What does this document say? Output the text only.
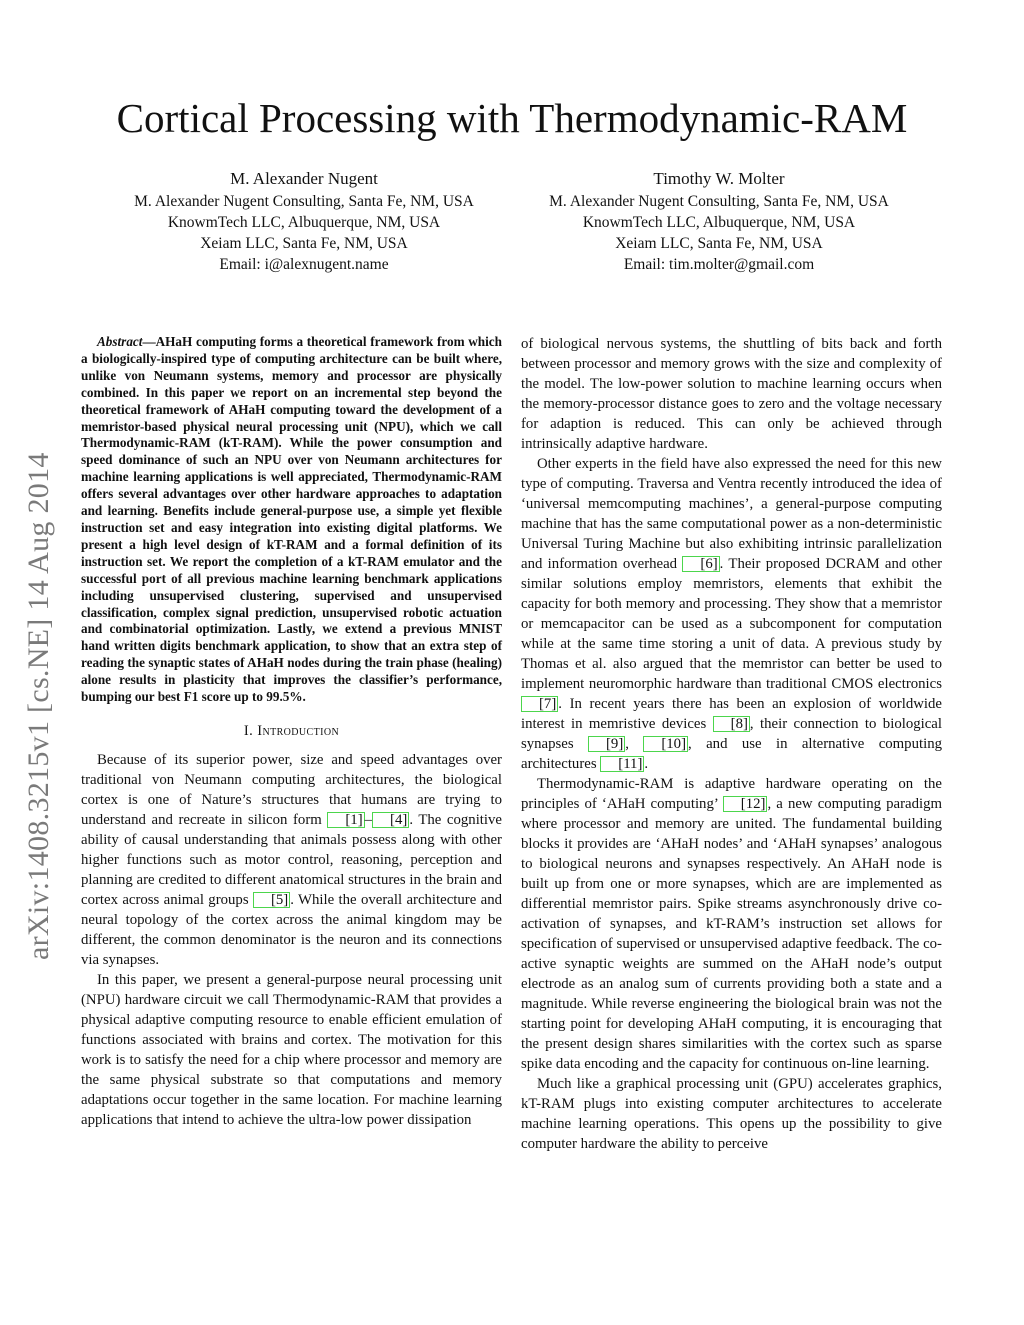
arXiv:1408.3215v1 [cs.NE] 14 Aug 2014
Cortical Processing with Thermodynamic-RAM
M. Alexander Nugent
M. Alexander Nugent Consulting, Santa Fe, NM, USA
KnowmTech LLC, Albuquerque, NM, USA
Xeiam LLC, Santa Fe, NM, USA
Email: i@alexnugent.name
Timothy W. Molter
M. Alexander Nugent Consulting, Santa Fe, NM, USA
KnowmTech LLC, Albuquerque, NM, USA
Xeiam LLC, Santa Fe, NM, USA
Email: tim.molter@gmail.com

Abstract—AHaH computing forms a theoretical framework from which a biologically-inspired type of computing architecture can be built where, unlike von Neumann systems, memory and processor are physically combined. In this paper we report on an incremental step beyond the theoretical framework of AHaH computing toward the development of a memristor-based physical neural processing unit (NPU), which we call Thermodynamic-RAM (kT-RAM). While the power consumption and speed dominance of such an NPU over von Neumann architectures for machine learning applications is well appreciated, Thermodynamic-RAM offers several advantages over other hardware approaches to adaptation and learning. Benefits include general-purpose use, a simple yet flexible instruction set and easy integration into existing digital platforms. We present a high level design of kT-RAM and a formal definition of its instruction set. We report the completion of a kT-RAM emulator and the successful port of all previous machine learning benchmark applications including unsupervised clustering, supervised and unsupervised classification, complex signal prediction, unsupervised robotic actuation and combinatorial optimization. Lastly, we extend a previous MNIST hand written digits benchmark application, to show that an extra step of reading the synaptic states of AHaH nodes during the train phase (healing) alone results in plasticity that improves the classifier’s performance, bumping our best F1 score up to 99.5%.

I. Introduction

Because of its superior power, size and speed advantages over traditional von Neumann computing architectures, the biological cortex is one of Nature’s structures that humans are trying to understand and recreate in silicon form [1] – [4] . The cognitive ability of causal understanding that animals possess along with other higher functions such as motor control, reasoning, perception and planning are credited to different anatomical structures in the brain and cortex across animal groups [5] . While the overall architecture and neural topology of the cortex across the animal kingdom may be different, the common denominator is the neuron and its connections via synapses.

In this paper, we present a general-purpose neural processing unit (NPU) hardware circuit we call Thermodynamic-RAM that provides a physical adaptive computing resource to enable efficient emulation of functions associated with brains and cortex. The motivation for this work is to satisfy the need for a chip where processor and memory are the same physical substrate so that computations and memory adaptations occur together in the same location. For machine learning applications that intend to achieve the ultra-low power dissipation

of biological nervous systems, the shuttling of bits back and forth between processor and memory grows with the size and complexity of the model. The low-power solution to machine learning occurs when the memory-processor distance goes to zero and the voltage necessary for adaption is reduced. This can only be achieved through intrinsically adaptive hardware.

Other experts in the field have also expressed the need for this new type of computing. Traversa and Ventra recently introduced the idea of ‘universal memcomputing machines’, a general-purpose computing machine that has the same computational power as a non-deterministic Universal Turing Machine but also exhibiting intrinsic parallelization and information overhead [6] . Their proposed DCRAM and other similar solutions employ memristors, elements that exhibit the capacity for both memory and processing. They show that a memristor or memcapacitor can be used as a subcomponent for computation while at the same time storing a unit of data. A previous study by Thomas et al. also argued that the memristor can better be used to implement neuromorphic hardware than traditional CMOS electronics [7] . In recent years there has been an explosion of worldwide interest in memristive devices [8] , their connection to biological synapses [9] , [10] , and use in alternative computing architectures [11] .

Thermodynamic-RAM is adaptive hardware operating on the principles of ‘AHaH computing’ [12] , a new computing paradigm where processor and memory are united. The fundamental building blocks it provides are ‘AHaH nodes’ and ‘AHaH synapses’ analogous to biological neurons and synapses respectively. An AHaH node is built up from one or more synapses, which are are implemented as differential memristor pairs. Spike streams asynchronously drive co-activation of synapses, and kT-RAM’s instruction set allows for specification of supervised or unsupervised adaptive feedback. The co-active synaptic weights are summed on the AHaH node’s output electrode as an analog sum of currents providing both a state and a magnitude. While reverse engineering the biological brain was not the starting point for developing AHaH computing, it is encouraging that the present design shares similarities with the cortex such as sparse spike data encoding and the capacity for continuous on-line learning.

Much like a graphical processing unit (GPU) accelerates graphics, kT-RAM plugs into existing computer architectures to accelerate machine learning operations. This opens up the possibility to give computer hardware the ability to perceive
